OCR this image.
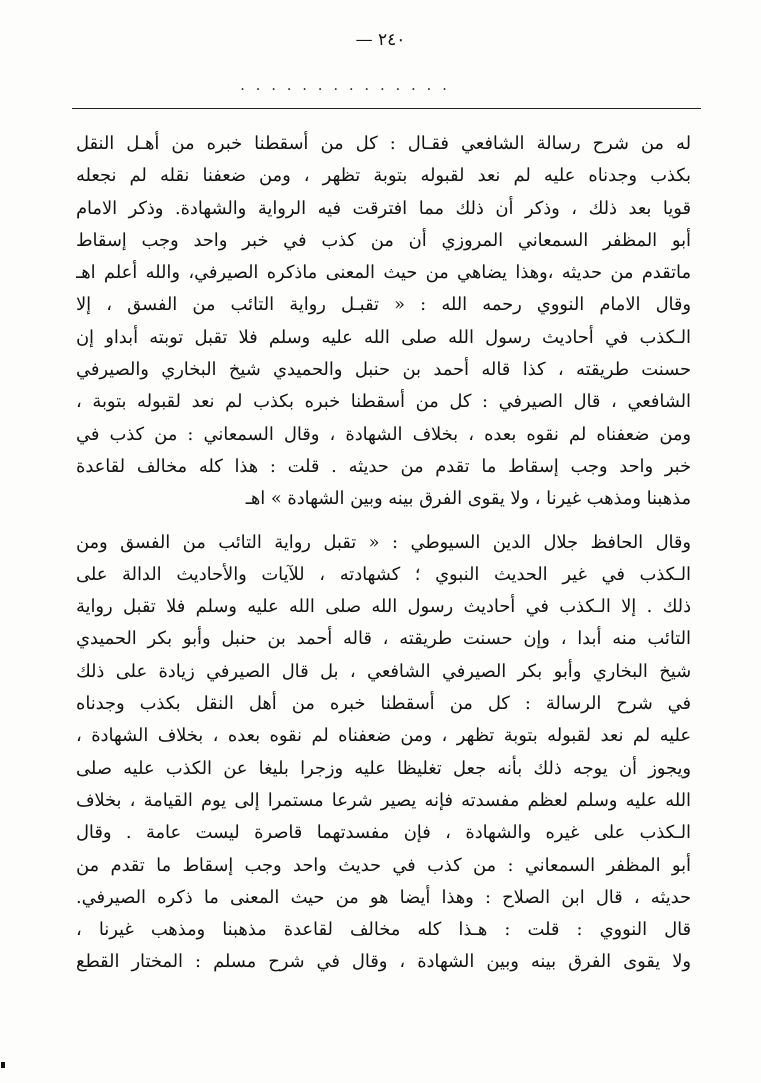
— ٢٤٠
. . . . . . . . . . . . . .
له من شرح رسالة الشافعي فقـال : كل من أسقطنا خبره من أهـل النقل
بكذب وجدناه عليه لم نعد لقبوله بتوبة تظهر ، ومن ضعفنا نقله لم نجعله
قويا بعد ذلك ، وذكر أن ذلك مما افترقت فيه الرواية والشهادة. وذكر الامام
أبو المظفر السمعاني المروزي أن من كذب في خبر واحد وجب إسقاط
ماتقدم من حديثه ،وهذا يضاهي من حيث المعنى ماذكره الصيرفي، والله أعلم اهـ
وقال الامام النووي رحمه الله : « تقبـل رواية التائب من الفسق ، إلا
الـكذب في أحاديث رسول الله صلى الله عليه وسلم فلا تقبل توبته أبداو إن
حسنت طريقته ، كذا قاله أحمد بن حنبل والحميدي شيخ البخاري والصيرفي
الشافعي ، قال الصيرفي : كل من أسقطنا خبره بكذب لم نعد لقبوله بتوبة ،
ومن ضعفناه لم نقوه بعده ، بخلاف الشهادة ، وقال السمعاني : من كذب في
خبر واحد وجب إسقاط ما تقدم من حديثه . قلت : هذا كله مخالف لقاعدة
مذهبنا ومذهب غيرنا ، ولا يقوى الفرق بينه وبين الشهادة » اهـ
وقال الحافظ جلال الدين السيوطي : « تقبل رواية التائب من الفسق ومن
الـكذب في غير الحديث النبوي ؛ كشهادته ، للآيات والأحاديث الدالة على
ذلك . إلا الـكذب في أحاديث رسول الله صلى الله عليه وسلم فلا تقبل رواية
التائب منه أبدا ، وإن حسنت طريقته ، قاله أحمد بن حنبل وأبو بكر الحميدي
شيخ البخاري وأبو بكر الصيرفي الشافعي ، بل قال الصيرفي زيادة على ذلك
في شرح الرسالة : كل من أسقطنا خبره من أهل النقل بكذب وجدناه
عليه لم نعد لقبوله بتوبة تظهر ، ومن ضعفناه لم نقوه بعده ، بخلاف الشهادة ،
ويجوز أن يوجه ذلك بأنه جعل تغليظا عليه وزجرا بليغا عن الكذب عليه صلى
الله عليه وسلم لعظم مفسدته فإنه يصير شرعا مستمرا إلى يوم القيامة ، بخلاف
الـكذب على غيره والشهادة ، فإن مفسدتهما قاصرة ليست عامة . وقال
أبو المظفر السمعاني : من كذب في حديث واحد وجب إسقاط ما تقدم من
حديثه ، قال ابن الصلاح : وهذا أيضا هو من حيث المعنى ما ذكره الصيرفي.
قال النووي : قلت : هـذا كله مخالف لقاعدة مذهبنا ومذهب غيرنا ،
ولا يقوى الفرق بينه وبين الشهادة ، وقال في شرح مسلم : المختار القطع
